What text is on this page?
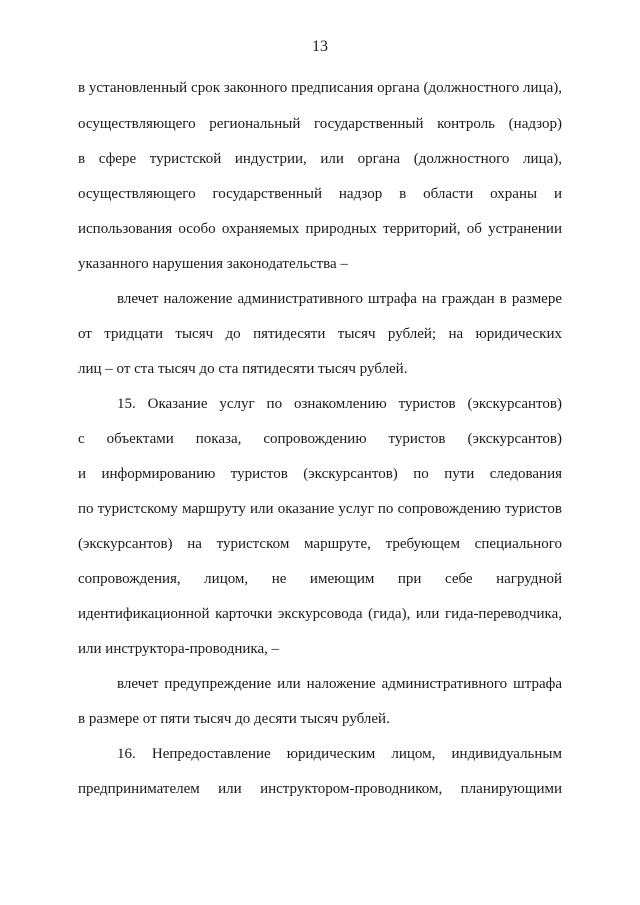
13
в установленный срок законного предписания органа (должностного лица),
осуществляющего региональный государственный контроль (надзор)
в сфере туристской индустрии, или органа (должностного лица),
осуществляющего государственный надзор в области охраны и
использования особо охраняемых природных территорий, об устранении
указанного нарушения законодательства –
влечет наложение административного штрафа на граждан в размере
от тридцати тысяч до пятидесяти тысяч рублей; на юридических
лиц – от ста тысяч до ста пятидесяти тысяч рублей.
15. Оказание услуг по ознакомлению туристов (экскурсантов)
с объектами показа, сопровождению туристов (экскурсантов)
и информированию туристов (экскурсантов) по пути следования
по туристскому маршруту или оказание услуг по сопровождению туристов
(экскурсантов) на туристском маршруте, требующем специального
сопровождения, лицом, не имеющим при себе нагрудной
идентификационной карточки экскурсовода (гида), или гида-переводчика,
или инструктора-проводника, –
влечет предупреждение или наложение административного штрафа
в размере от пяти тысяч до десяти тысяч рублей.
16. Непредоставление юридическим лицом, индивидуальным
предпринимателем или инструктором-проводником, планирующими
